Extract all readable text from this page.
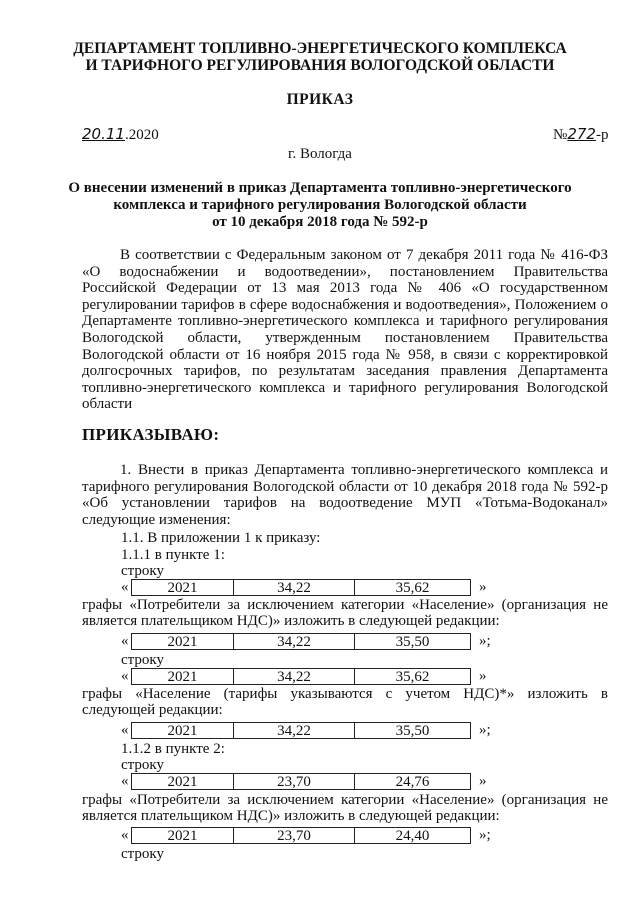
ДЕПАРТАМЕНТ ТОПЛИВНО-ЭНЕРГЕТИЧЕСКОГО КОМПЛЕКСА
И ТАРИФНОГО РЕГУЛИРОВАНИЯ ВОЛОГОДСКОЙ ОБЛАСТИ
ПРИКАЗ
20.11.2020	№272-р
г. Вологда
О внесении изменений в приказ Департамента топливно-энергетического
комплекса и тарифного регулирования Вологодской области
от 10 декабря 2018 года № 592-р
В соответствии с Федеральным законом от 7 декабря 2011 года № 416-ФЗ «О водоснабжении и водоотведении», постановлением Правительства Российской Федерации от 13 мая 2013 года № 406 «О государственном регулировании тарифов в сфере водоснабжения и водоотведения», Положением о Департаменте топливно-энергетического комплекса и тарифного регулирования Вологодской области, утвержденным постановлением Правительства Вологодской области от 16 ноября 2015 года № 958, в связи с корректировкой долгосрочных тарифов, по результатам заседания правления Департамента топливно-энергетического комплекса и тарифного регулирования Вологодской области
ПРИКАЗЫВАЮ:
1. Внести в приказ Департамента топливно-энергетического комплекса и тарифного регулирования Вологодской области от 10 декабря 2018 года № 592-р «Об установлении тарифов на водоотведение МУП «Тотьма-Водоканал» следующие изменения:
1.1. В приложении 1 к приказу:
1.1.1 в пункте 1:
строку
«	2021	34,22	35,62	»
графы «Потребители за исключением категории «Население» (организация не является плательщиком НДС)» изложить в следующей редакции:
«	2021	34,22	35,50	»;
строку
«	2021	34,22	35,62	»
графы «Население (тарифы указываются с учетом НДС)*» изложить в следующей редакции:
«	2021	34,22	35,50	»;
1.1.2 в пункте 2:
строку
«	2021	23,70	24,76	»
графы «Потребители за исключением категории «Население» (организация не является плательщиком НДС)» изложить в следующей редакции:
«	2021	23,70	24,40	»;
строку
